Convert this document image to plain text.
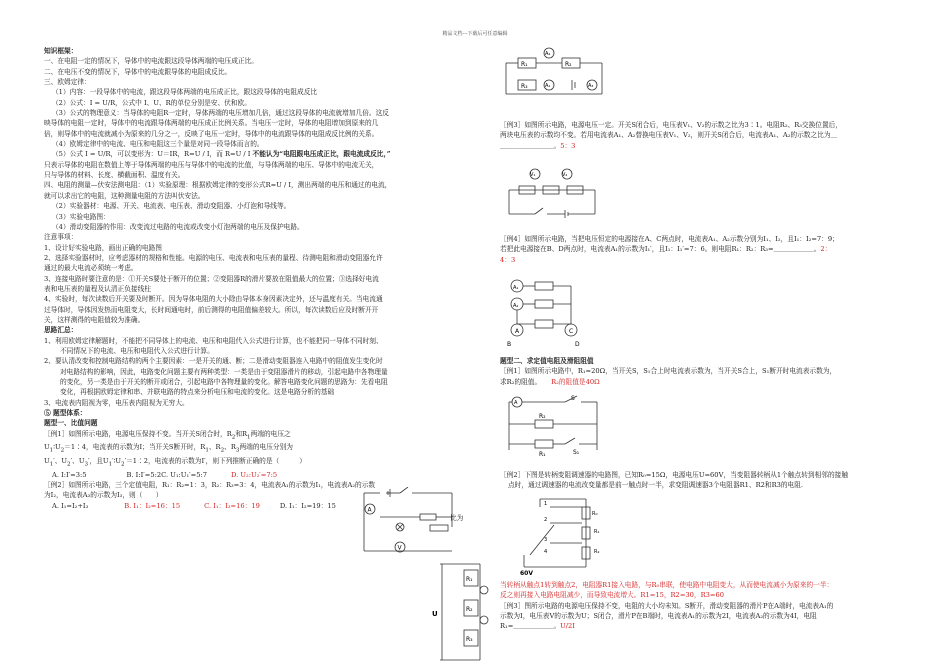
精品文档---下载后可任意编辑

知识框架：

一、在电阻一定的情况下，导体中的电流跟这段导体两端的电压成正比。

二、在电压不变的情况下，导体中的电流跟导体的电阻成反比。

三、欧姆定律：

（1）内容：一段导体中的电流，跟这段导体两端的电压成正比，跟这段导体的电阻成反比

（2）公式：I = U/R，公式中 I、U、R的单位分别是安、伏和欧。

（3）公式的物理意义：当导体的电阻R一定时，导体两端的电压增加几倍，通过这段导体的电流就增加几倍。这反

映导体的电阻一定时，导体中的电流跟导体两端的电压成正比例关系。当电压一定时，导体的电阻增加到原来的几

倍，则导体中的电流就减小为原来的几分之一，反映了电压一定时，导体中的电流跟导体的电阻成反比例的关系。

（4）欧姆定律中的电流、电压和电阻这三个量是对同一段导体而言的。

（5）公式 I = U/R，可以变形为：U＝IR，R=U / I，而 R=U / I 不能认为“电阻跟电压成正比，跟电流成反比，”

只表示导体的电阻在数值上等于导体两端的电压与导体中的电流的比值，与导体两端的电压、导体中的电流无关，

只与导体的材料、长度、横截面积、温度有关。

四、电阻的测量—伏安法测电阻：（1）实验原理：根据欧姆定律的变形公式R=U / I，测出两端的电压和通过的电流，

就可以求出它的电阻，这种测量电阻的方法叫伏安法。

（2）实验器材：电源、开关、电流表、电压表、滑动变阻器、小灯泡和导线等。

（3）实验电路图：

（4）滑动变阻器的作用：改变流过电路的电流或改变小灯泡两端的电压及保护电路。

注意事项：

1、设计好实验电路，画出正确的电路图

2、选择实验器材时，应考虑器材的规格和性能。电源的电压、电流表和电压表的量程、待测电阻和滑动变阻器允许

通过的最大电流必须统一考虑。

3、连接电路时要注意的是：①开关S要处于断开的位置；②变阻器R的滑片要放在阻值最大的位置；③选择好电流

表和电压表的量程及认清正负接线柱

4、实验时，每次读数后开关要及时断开。因为导体电阻的大小除由导体本身因素决定外，还与温度有关。当电流通

过导体时，导体因发热而电阻变大，长时间通电时，前后测得的电阻值偏差较大。所以，每次读数后应及时断开开

关，这样测得的电阻值较为准确。

思路汇总：

1、利用欧姆定律解题时，不能把不同导体上的电流、电压和电阻代入公式进行计算，也不能把同一导体不同时刻、

不同情况下的电流、电压和电阻代入公式进行计算。

2、要认清改变和控制电路结构的两个主要因素：一是开关的通、断；二是滑动变阻器连入电路中的阻值发生变化时

对电路结构的影响，因此，电路变化问题主要有两种类型：一类是由于变阻器滑片的移动，引起电路中各物理量

的变化，另一类是由于开关的断开或闭合，引起电路中各物理量的变化。解答电路变化问题的思路为：先看电阻

变化，再根据欧姆定律和串、并联电路的特点来分析电压和电流的变化。这是电路分析的基础

3、电流表内阻视为零，电压表内阻视为无穷大。

⑤ 题型体系：

题型一、比值问题

［例1］如图所示电路，电源电压保持不变。当开关S闭合时，$R_2$和$R_1$两端的电压之

$U_1∶U_2=1∶4$，电流表的示数为I；当开关S断开时，$R_1$、$R_2$、$R_3$两端的电压分别为

$U_1'$、$U_2'$、$U_3'$，且$U_1'∶U_2'=1∶2$，电流表的示数为I′，则下列推断正确的是（　　　）

A. I:I′=3:5	B. I:I′=5:2C. U₁:U₁′=5:7	D. U₂:U₂′=7:5

［例2］如图所示电路，三个定值电阻，R₁：R₂=1：3，R₂：R₃=3：4，电流表A₁的示数为I₁，电流表A₂的示数

为I₂，电流表A₃的示数为I₃，则（　　）

A. I₁=I₂+I₃	B. I₁：I₂=16：15	C. I₁：I₃=16：19	D. I₁：I₂=19：15

比为
A
V
R₁
R₂
R₃
U
R₁
A₂
R₂
R₃	A₁	A₃

［例3］如图所示电路，电源电压一定。开关S闭合后，电压表V₁、V₂的示数之比为3∶1。电阻R₂、R₃交换位置后，

两块电压表的示数均不变。若用电流表A₁、A₂替换电压表V₁、V₂，则开关S闭合后，电流表A₁、A₂的示数之比为＿

＿＿＿＿＿＿＿＿。5：3

V₁	V₂

［例4］如图所示电路，当把电压恒定的电源接在A、C两点时，电流表A₁、A₂示数分别为I₁、I₂，且I₁：I₂=7：9；

若把此电源接在B、D两点时，电流表A₁的示数为I₁′，且I₁：I₁′=7：6。则电阻R₁：R₂：R₃=＿＿＿＿＿＿。2：

4：3

A₁
A₂
A	C
B	D

题型二、求定值电阻及滑阻阻值

［例1］如图所示电路中，R₁=20Ω，当开关S，S₁合上时电流表示数为，当开关S合上，S₁断开时电流表示数为，

求R₂的阻值。 R₂的阻值是40Ω

A
S
R₂
R₁	S₁

［例2］下图是转柄变阻调速器的电路图，已知R₀=15Ω，电源电压U=60V，当变阻器转柄从1个触点转到相邻的接触

点时，通过调速器的电流改变量都是前一触点时一半，求变阻调速器3个电阻器R1、R2和R3的电阻.

R₀
R₁
R₂
1
2
3
4
60V

当转柄从触点1转到触点2，电阻器R1接入电路，与R₀串联，使电路中电阻变大，从而使电流减小为原来的一半：

反之则再接入电路电阻减少，而导致电流增大。R1=15，R2=30，R3=60

［例3］图所示电路的电源电压保持不变，电阻的大小均未知。S断开，滑动变阻器的滑片P在A端时，电流表A₁的

示数为I，电压表V的示数为U；S闭合，滑片P在B端时，电流表A₁的示数为2I，电流表A₂的示数为4I，电阻

R₁=＿＿＿＿＿＿。U/2I
